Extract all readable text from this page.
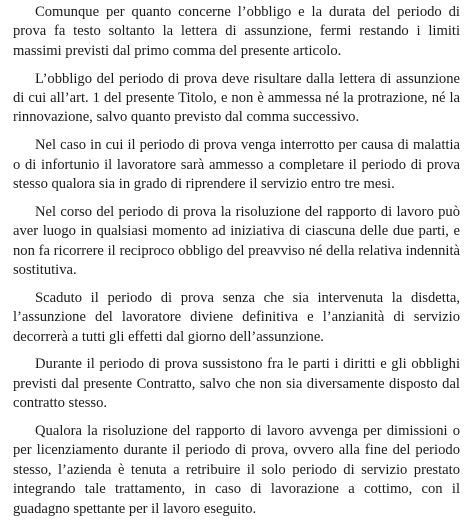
Comunque per quanto concerne l’obbligo e la durata del periodo di prova fa testo soltanto la lettera di assunzione, fermi restando i limiti massimi previsti dal primo comma del presente articolo.

L’obbligo del periodo di prova deve risultare dalla lettera di assunzione di cui all’art. 1 del presente Titolo, e non è ammessa né la protrazione, né la rinnovazione, salvo quanto previsto dal comma successivo.

Nel caso in cui il periodo di prova venga interrotto per causa di malattia o di infortunio il lavoratore sarà ammesso a completare il periodo di prova stesso qualora sia in grado di riprendere il servizio entro tre mesi.

Nel corso del periodo di prova la risoluzione del rapporto di lavoro può aver luogo in qualsiasi momento ad iniziativa di ciascuna delle due parti, e non fa ricorrere il reciproco obbligo del preavviso né della relativa indennità sostitutiva.

Scaduto il periodo di prova senza che sia intervenuta la disdetta, l’assunzione del lavoratore diviene definitiva e l’anzianità di servizio decorrerà a tutti gli effetti dal giorno dell’assunzione.

Durante il periodo di prova sussistono fra le parti i diritti e gli obblighi previsti dal presente Contratto, salvo che non sia diversamente disposto dal contratto stesso.

Qualora la risoluzione del rapporto di lavoro avvenga per dimissioni o per licenziamento durante il periodo di prova, ovvero alla fine del periodo stesso, l’azienda è tenuta a retribuire il solo periodo di servizio prestato integrando tale trattamento, in caso di lavorazione a cottimo, con il guadagno spettante per il lavoro eseguito.
